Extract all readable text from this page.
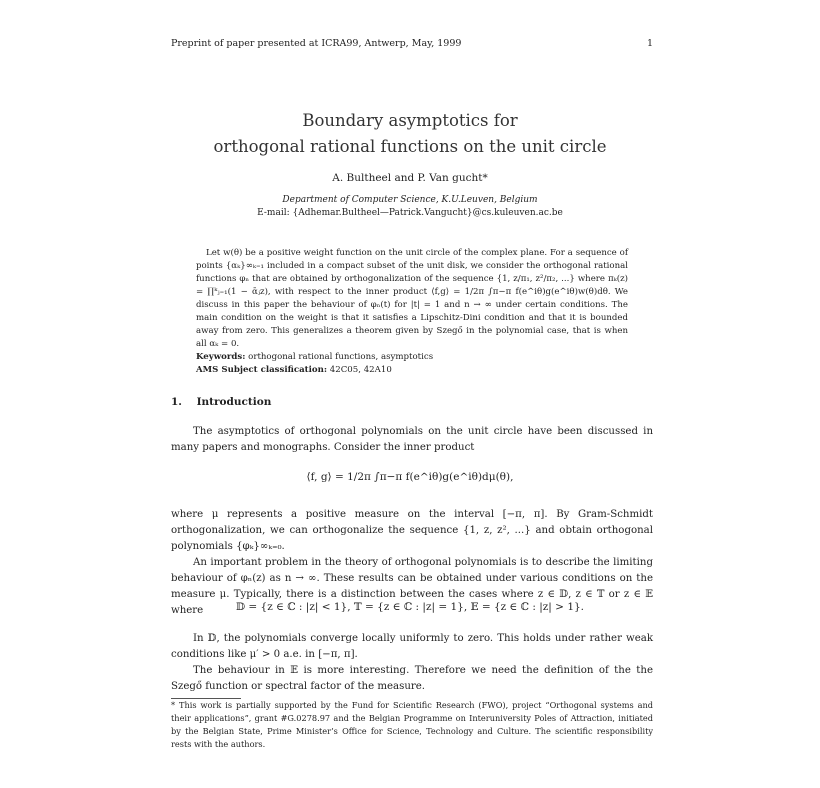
Preprint of paper presented at ICRA99, Antwerp, May, 1999	1
Boundary asymptotics for
orthogonal rational functions on the unit circle
A. Bultheel and P. Van gucht*
Department of Computer Science, K.U.Leuven, Belgium
E-mail: {Adhemar.Bultheel—Patrick.Vangucht}@cs.kuleuven.ac.be

Let w(θ) be a positive weight function on the unit circle of the complex plane. For a sequence of points {αₖ}∞ₖ₌₁ included in a compact subset of the unit disk, we consider the orthogonal rational functions φₙ that are obtained by orthogonalization of the sequence {1, z/π₁, z²/π₂, ...} where πₖ(z) = ∏ᵏⱼ₌₁(1 − ᾱⱼz), with respect to the inner product ⟨f,g⟩ = 1/2π ∫π−π f(e^iθ)g(e^iθ)w(θ)dθ. We discuss in this paper the behaviour of φₙ(t) for |t| = 1 and n → ∞ under certain conditions. The main condition on the weight is that it satisfies a Lipschitz-Dini condition and that it is bounded away from zero. This generalizes a theorem given by Szegő in the polynomial case, that is when all αₖ = 0.

Keywords: orthogonal rational functions, asymptotics
AMS Subject classification: 42C05, 42A10
1. Introduction

The asymptotics of orthogonal polynomials on the unit circle have been discussed in many papers and monographs. Consider the inner product

⟨f, g⟩ = 1/2π ∫π−π f(e^iθ)g(e^iθ)dμ(θ),

where μ represents a positive measure on the interval [−π, π]. By Gram-Schmidt orthogonalization, we can orthogonalize the sequence {1, z, z², ...} and obtain orthogonal polynomials {φₖ}∞ₖ₌₀.

An important problem in the theory of orthogonal polynomials is to describe the limiting behaviour of φₙ(z) as n → ∞. These results can be obtained under various conditions on the measure μ. Typically, there is a distinction between the cases where z ∈ 𝔻, z ∈ 𝕋 or z ∈ 𝔼 where	𝔻 = {z ∈ ℂ : |z| < 1}, 𝕋 = {z ∈ ℂ : |z| = 1}, 𝔼 = {z ∈ ℂ : |z| > 1}.

In 𝔻, the polynomials converge locally uniformly to zero. This holds under rather weak conditions like μ′ > 0 a.e. in [−π, π].

The behaviour in 𝔼 is more interesting. Therefore we need the definition of the the Szegő function or spectral factor of the measure.

* This work is partially supported by the Fund for Scientific Research (FWO), project “Orthogonal systems and their applications”, grant #G.0278.97 and the Belgian Programme on Interuniversity Poles of Attraction, initiated by the Belgian State, Prime Minister’s Office for Science, Technology and Culture. The scientific responsibility rests with the authors.
